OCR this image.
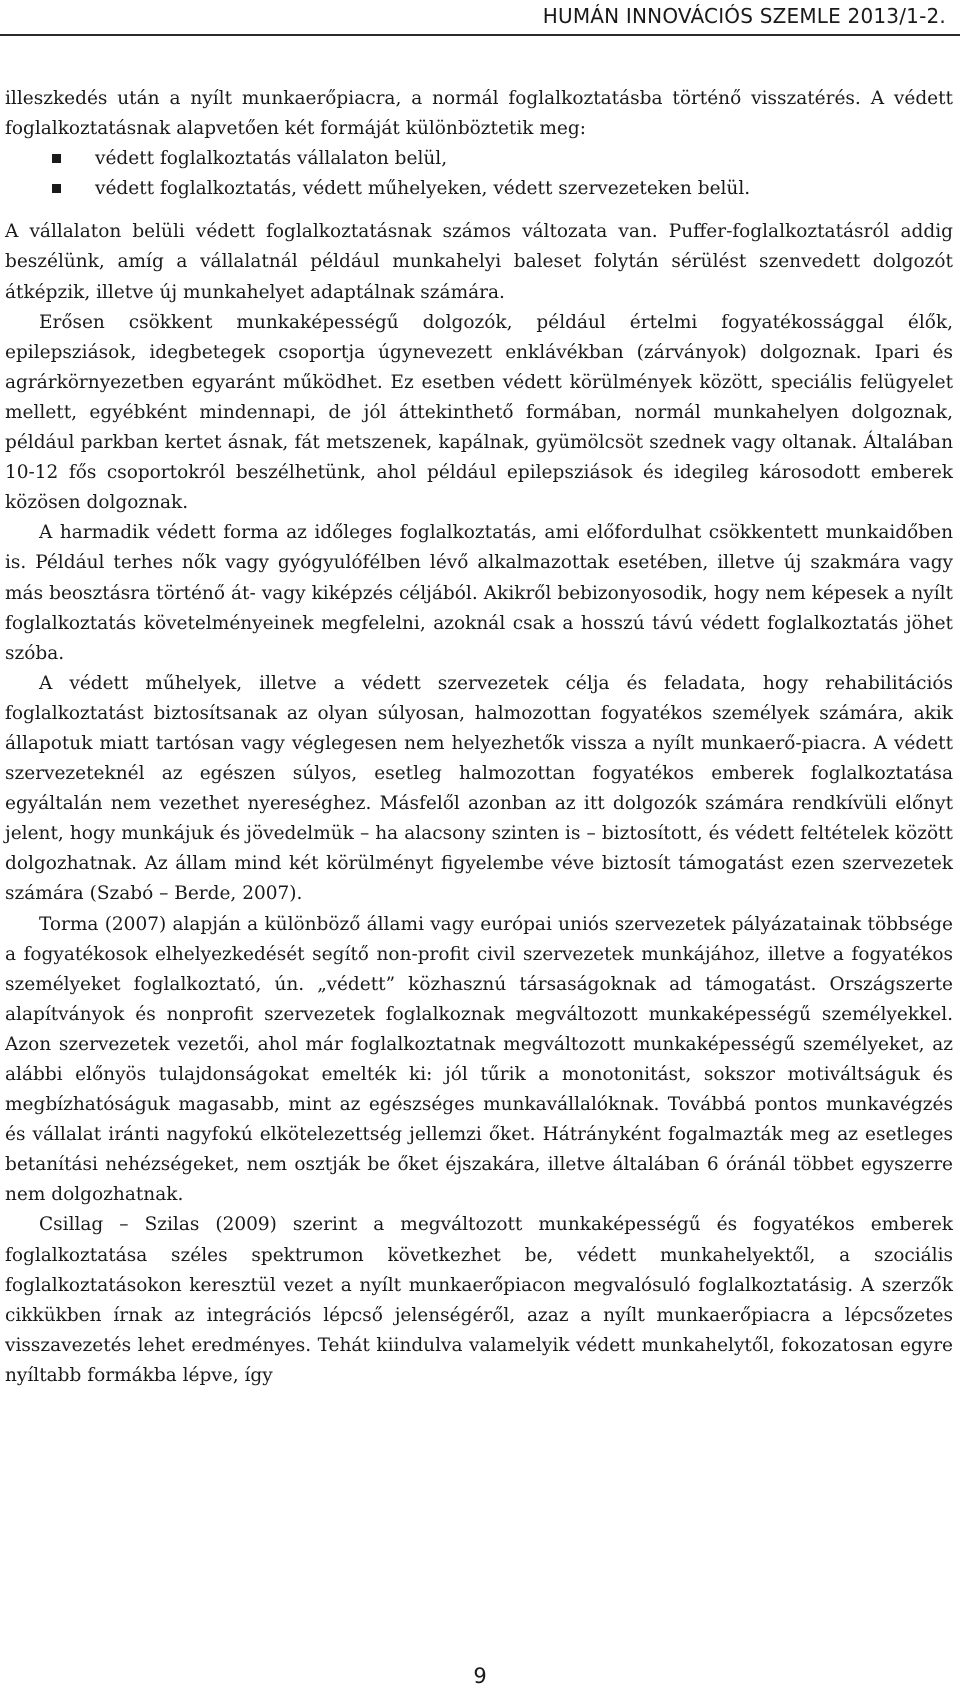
HUMÁN INNOVÁCIÓS SZEMLE 2013/1-2.

illeszkedés után a nyílt munkaerőpiacra, a normál foglalkoztatásba történő visszatérés. A védett foglalkoztatásnak alapvetően két formáját különböztetik meg:

védett foglalkoztatás vállalaton belül,
védett foglalkoztatás, védett műhelyeken, védett szervezeteken belül.

A vállalaton belüli védett foglalkoztatásnak számos változata van. Puffer-foglalkoztatásról addig beszélünk, amíg a vállalatnál például munkahelyi baleset folytán sérülést szenvedett dolgozót átképzik, illetve új munkahelyet adaptálnak számára.

Erősen csökkent munkaképességű dolgozók, például értelmi fogyatékossággal élők, epilepsziások, idegbetegek csoportja úgynevezett enklávékban (zárványok) dolgoznak. Ipari és agrárkörnyezetben egyaránt működhet. Ez esetben védett körülmények között, speciális felügyelet mellett, egyébként mindennapi, de jól áttekinthető formában, normál munkahelyen dolgoznak, például parkban kertet ásnak, fát metszenek, kapálnak, gyümölcsöt szednek vagy oltanak. Általában 10-12 fős csoportokról beszélhetünk, ahol például epilepsziások és idegileg károsodott emberek közösen dolgoznak.

A harmadik védett forma az időleges foglalkoztatás, ami előfordulhat csökkentett munkaidőben is. Például terhes nők vagy gyógyulófélben lévő alkalmazottak esetében, illetve új szakmára vagy más beosztásra történő át- vagy kiképzés céljából. Akikről bebizonyosodik, hogy nem képesek a nyílt foglalkoztatás követelményeinek megfelelni, azoknál csak a hosszú távú védett foglalkoztatás jöhet szóba.

A védett műhelyek, illetve a védett szervezetek célja és feladata, hogy rehabilitációs foglalkoztatást biztosítsanak az olyan súlyosan, halmozottan fogyatékos személyek számára, akik állapotuk miatt tartósan vagy véglegesen nem helyezhetők vissza a nyílt munkaerő-piacra. A védett szervezeteknél az egészen súlyos, esetleg halmozottan fogyatékos emberek foglalkoztatása egyáltalán nem vezethet nyereséghez. Másfelől azonban az itt dolgozók számára rendkívüli előnyt jelent, hogy munkájuk és jövedelmük – ha alacsony szinten is – biztosított, és védett feltételek között dolgozhatnak. Az állam mind két körülményt figyelembe véve biztosít támogatást ezen szervezetek számára (Szabó – Berde, 2007).

Torma (2007) alapján a különböző állami vagy európai uniós szervezetek pályázatainak többsége a fogyatékosok elhelyezkedését segítő non-profit civil szervezetek munkájához, illetve a fogyatékos személyeket foglalkoztató, ún. „védett” közhasznú társaságoknak ad támogatást. Országszerte alapítványok és nonprofit szervezetek foglalkoznak megváltozott munkaképességű személyekkel. Azon szervezetek vezetői, ahol már foglalkoztatnak megváltozott munkaképességű személyeket, az alábbi előnyös tulajdonságokat emelték ki: jól tűrik a monotonitást, sokszor motiváltságuk és megbízhatóságuk magasabb, mint az egészséges munkavállalóknak. Továbbá pontos munkavégzés és vállalat iránti nagyfokú elkötelezettség jellemzi őket. Hátrányként fogalmazták meg az esetleges betanítási nehézségeket, nem osztják be őket éjszakára, illetve általában 6 óránál többet egyszerre nem dolgozhatnak.

Csillag – Szilas (2009) szerint a megváltozott munkaképességű és fogyatékos emberek foglalkoztatása széles spektrumon következhet be, védett munkahelyektől, a szociális foglalkoztatásokon keresztül vezet a nyílt munkaerőpiacon megvalósuló foglalkoztatásig. A szerzők cikkükben írnak az integrációs lépcső jelenségéről, azaz a nyílt munkaerőpiacra a lépcsőzetes visszavezetés lehet eredményes. Tehát kiindulva valamelyik védett munkahelytől, fokozatosan egyre nyíltabb formákba lépve, így

9
